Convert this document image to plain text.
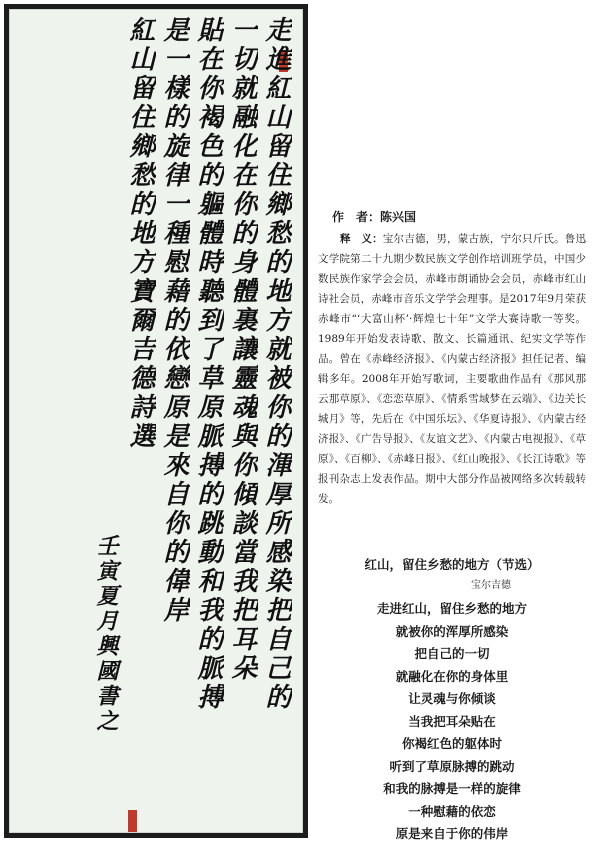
走進紅山留住鄉愁的地方就被你的渾厚所感染把自己的
一切就融化在你的身體裏讓靈魂與你傾談當我把耳朵
貼在你褐色的軀體時聽到了草原脈搏的跳動和我的脈搏
是一樣的旋律一種慰藉的依戀原是來自你的偉岸
紅山留住鄉愁的地方寶爾吉德詩選
壬寅夏月興國書之
作　者：陈兴国

释　义：宝尔吉德，男，蒙古族，宁尔只斤氏。鲁迅文学院第二十九期少数民族文学创作培训班学员，中国少数民族作家学会会员，赤峰市朗诵协会会员，赤峰市红山诗社会员，赤峰市音乐文学学会理事。是2017年9月荣获赤峰市“‘大富山杯’·辉煌七十年”文学大赛诗歌一等奖。1989年开始发表诗歌、散文、长篇通讯、纪实文学等作品。曾在《赤峰经济报》、《内蒙古经济报》担任记者、编辑多年。2008年开始写歌词，主要歌曲作品有《那风那云那草原》、《恋恋草原》、《情系雪域梦在云端》、《边关长城月》等，先后在《中国乐坛》、《华夏诗报》、《内蒙古经济报》、《广告导报》、《友谊文艺》、《内蒙古电视报》、《草原》、《百柳》、《赤峰日报》、《红山晚报》、《长江诗歌》等报刊杂志上发表作品。期中大部分作品被网络多次转载转发。

红山，留住乡愁的地方（节选）

宝尔吉德

走进红山，留住乡愁的地方
就被你的浑厚所感染
把自己的一切
就融化在你的身体里
让灵魂与你倾谈
当我把耳朵贴在
你褐红色的躯体时
听到了草原脉搏的跳动
和我的脉搏是一样的旋律
一种慰藉的依恋
原是来自于你的伟岸
